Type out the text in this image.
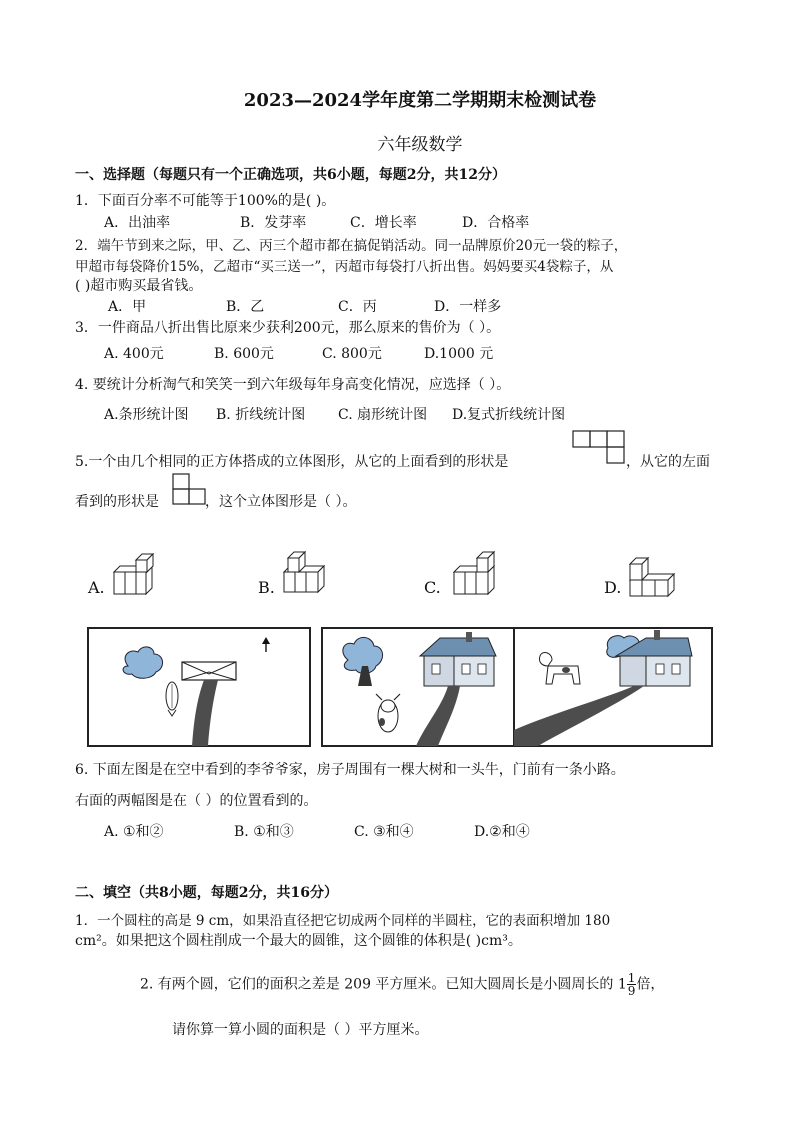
2023—2024学年度第二学期期末检测试卷
六年级数学
一、选择题（每题只有一个正确选项，共6小题，每题2分，共12分）
1．下面百分率不可能等于100%的是( )。
A．出油率	B．发芽率	C．增长率	D．合格率
2．端午节到来之际，甲、乙、丙三个超市都在搞促销活动。同一品牌原价20元一袋的粽子，
甲超市每袋降价15%，乙超市“买三送一”，丙超市每袋打八折出售。妈妈要买4袋粽子，从
( )超市购买最省钱。
A．甲	B．乙	C．丙	D．一样多
3．一件商品八折出售比原来少获利200元，那么原来的售价为（ ）。
A. 400元	B. 600元	C. 800元	D.1000 元
4. 要统计分析淘气和笑笑一到六年级每年身高变化情况，应选择（ ）。
A.条形统计图 B. 折线统计图 C. 扇形统计图 D.复式折线统计图
5.一个由几个相同的正方体搭成的立体图形，从它的上面看到的形状是	，从它的左面
看到的形状是	，这个立体图形是（ ）。
A.	B.	C.	D.
6. 下面左图是在空中看到的李爷爷家，房子周围有一棵大树和一头牛，门前有一条小路。
右面的两幅图是在（ ）的位置看到的。
A. ①和②	B. ①和③	C. ③和④	D.②和④
二、填空（共8小题，每题2分，共16分）
1．一个圆柱的高是 9 cm，如果沿直径把它切成两个同样的半圆柱，它的表面积增加 180
cm²。如果把这个圆柱削成一个最大的圆锥，这个圆锥的体积是( )cm³。
2. 有两个圆，它们的面积之差是 209 平方厘米。已知大圆周长是小圆周长的 $1 \frac{1}{9}$ 倍，
请你算一算小圆的面积是（ ）平方厘米。
